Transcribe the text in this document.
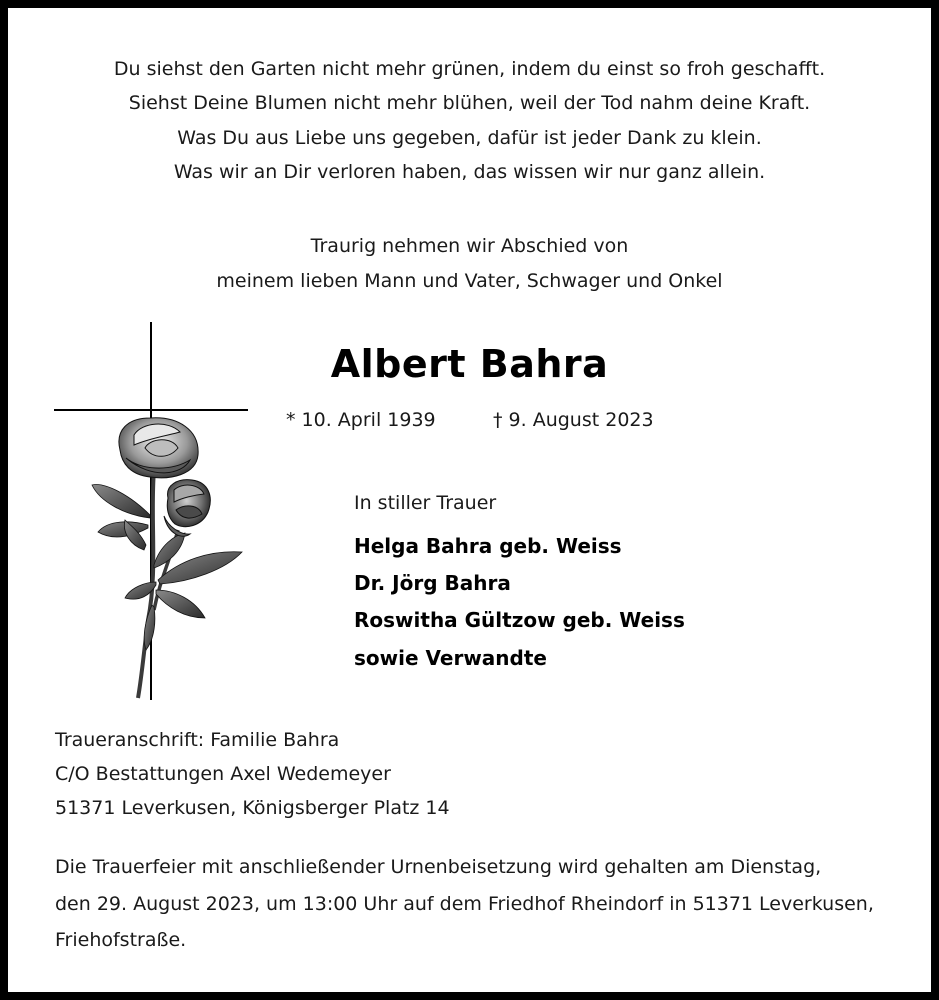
Du siehst den Garten nicht mehr grünen, indem du einst so froh geschafft.
Siehst Deine Blumen nicht mehr blühen, weil der Tod nahm deine Kraft.
Was Du aus Liebe uns gegeben, dafür ist jeder Dank zu klein.
Was wir an Dir verloren haben, das wissen wir nur ganz allein.
Traurig nehmen wir Abschied von
meinem lieben Mann und Vater, Schwager und Onkel
Albert Bahra
* 10. April 1939	† 9. August 2023
In stiller Trauer
Helga Bahra geb. Weiss
Dr. Jörg Bahra
Roswitha Gültzow geb. Weiss
sowie Verwandte
Traueranschrift: Familie Bahra
C/O Bestattungen Axel Wedemeyer
51371 Leverkusen, Königsberger Platz 14
Die Trauerfeier mit anschließender Urnenbeisetzung wird gehalten am Dienstag,
den 29. August 2023, um 13:00 Uhr auf dem Friedhof Rheindorf in 51371 Leverkusen,
Friehofstraße.
